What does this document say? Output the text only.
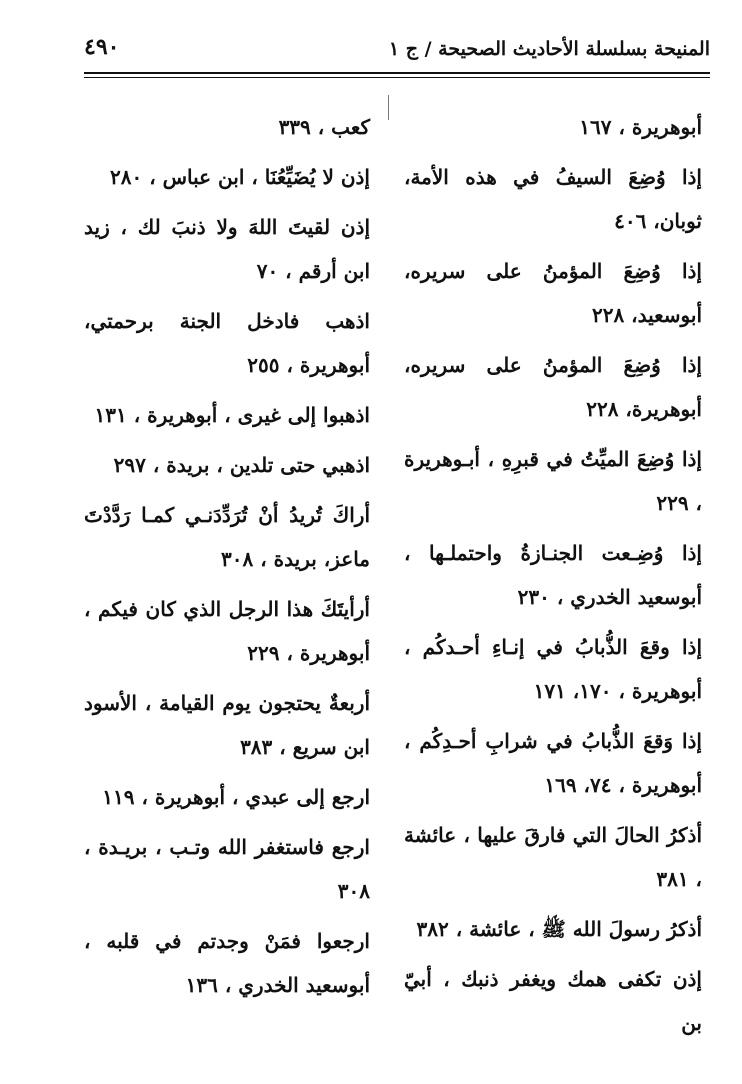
٤٩٠	المنيحة بسلسلة الأحاديث الصحيحة / ج ١
أبوهريرة ، ١٦٧
إذا وُضِعَ السيفُ في هذه الأمة، ثوبان، ٤٠٦
إذا وُضِعَ المؤمنُ على سريره، أبوسعيد، ٢٢٨
إذا وُضِعَ المؤمنُ على سريره، أبوهريرة، ٢٢٨
إذا وُضِعَ الميِّتُ في قبرِهِ ، أبـوهريرة ، ٢٢٩
إذا وُضِـعت الجنـازةُ واحتملـها ، أبوسعيد الخدري ، ٢٣٠
إذا وقعَ الذُّبابُ في إنـاءِ أحـدكُم ، أبوهريرة ، ١٧٠، ١٧١
إذا وَقعَ الذُّبابُ في شرابِ أحـدِكُم ، أبوهريرة ، ٧٤، ١٦٩
أذكرُ الحالَ التي فارقَ عليها ، عائشة ، ٣٨١
أذكرُ رسولَ الله ﷺ ، عائشة ، ٣٨٢
إذن تكفى همك ويغفر ذنبك ، أبيّ بن
كعب ، ٣٣٩
إذن لا يُضَيِّعُنَا ، ابن عباس ، ٢٨٠
إذن لقيتَ اللهَ ولا ذنبَ لك ، زيد ابن أرقم ، ٧٠
اذهب فادخل الجنة برحمتي، أبوهريرة ، ٢٥٥
اذهبوا إلى غيرى ، أبوهريرة ، ١٣١
اذهبي حتى تلدين ، بريدة ، ٢٩٧
أراكَ تُريدُ أنْ تُرَدِّدَنـي كمـا رَدَّدْتَ ماعز، بريدة ، ٣٠٨
أرأيتَكَ هذا الرجل الذي كان فيكم ، أبوهريرة ، ٢٢٩
أربعةٌ يحتجون يوم القيامة ، الأسود ابن سريع ، ٣٨٣
ارجع إلى عبدي ، أبوهريرة ، ١١٩
ارجع فاستغفر الله وتـب ، بريـدة ، ٣٠٨
ارجعوا فمَنْ وجدتم في قلبه ، أبوسعيد الخدري ، ١٣٦
